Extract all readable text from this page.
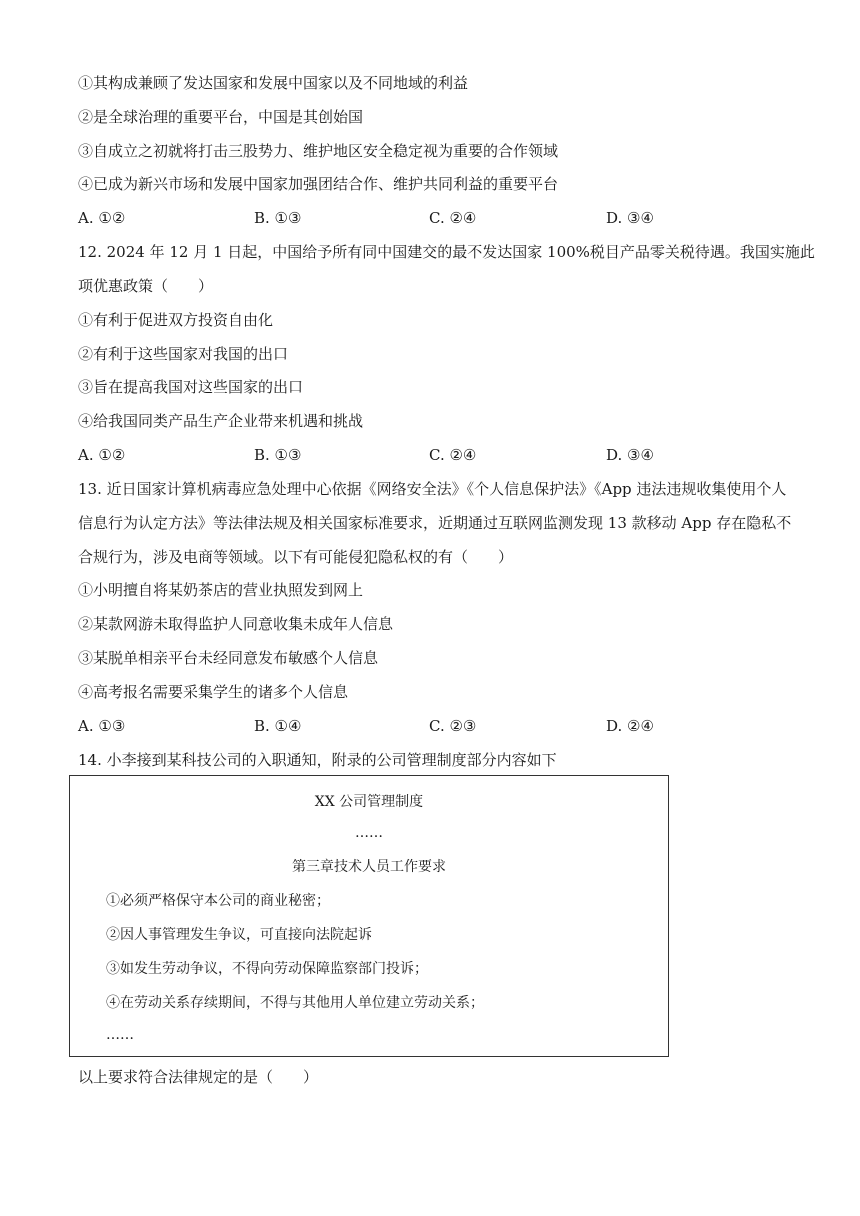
①其构成兼顾了发达国家和发展中国家以及不同地域的利益
②是全球治理的重要平台，中国是其创始国
③自成立之初就将打击三股势力、维护地区安全稳定视为重要的合作领域
④已成为新兴市场和发展中国家加强团结合作、维护共同利益的重要平台
A. ①②	B. ①③	C. ②④	D. ③④
12. 2024 年 12 月 1 日起，中国给予所有同中国建交的最不发达国家 100%税目产品零关税待遇。我国实施此
项优惠政策（　　）
①有利于促进双方投资自由化
②有利于这些国家对我国的出口
③旨在提高我国对这些国家的出口
④给我国同类产品生产企业带来机遇和挑战
A. ①②	B. ①③	C. ②④	D. ③④
13. 近日国家计算机病毒应急处理中心依据《网络安全法》《个人信息保护法》《App 违法违规收集使用个人
信息行为认定方法》等法律法规及相关国家标准要求，近期通过互联网监测发现 13 款移动 App 存在隐私不
合规行为，涉及电商等领域。以下有可能侵犯隐私权的有（　　）
①小明擅自将某奶茶店的营业执照发到网上
②某款网游未取得监护人同意收集未成年人信息
③某脱单相亲平台未经同意发布敏感个人信息
④高考报名需要采集学生的诸多个人信息
A. ①③	B. ①④	C. ②③	D. ②④
14. 小李接到某科技公司的入职通知，附录的公司管理制度部分内容如下
XX 公司管理制度
……
第三章技术人员工作要求
①必须严格保守本公司的商业秘密；
②因人事管理发生争议，可直接向法院起诉
③如发生劳动争议，不得向劳动保障监察部门投诉；
④在劳动关系存续期间，不得与其他用人单位建立劳动关系；
……
以上要求符合法律规定的是（　　）
